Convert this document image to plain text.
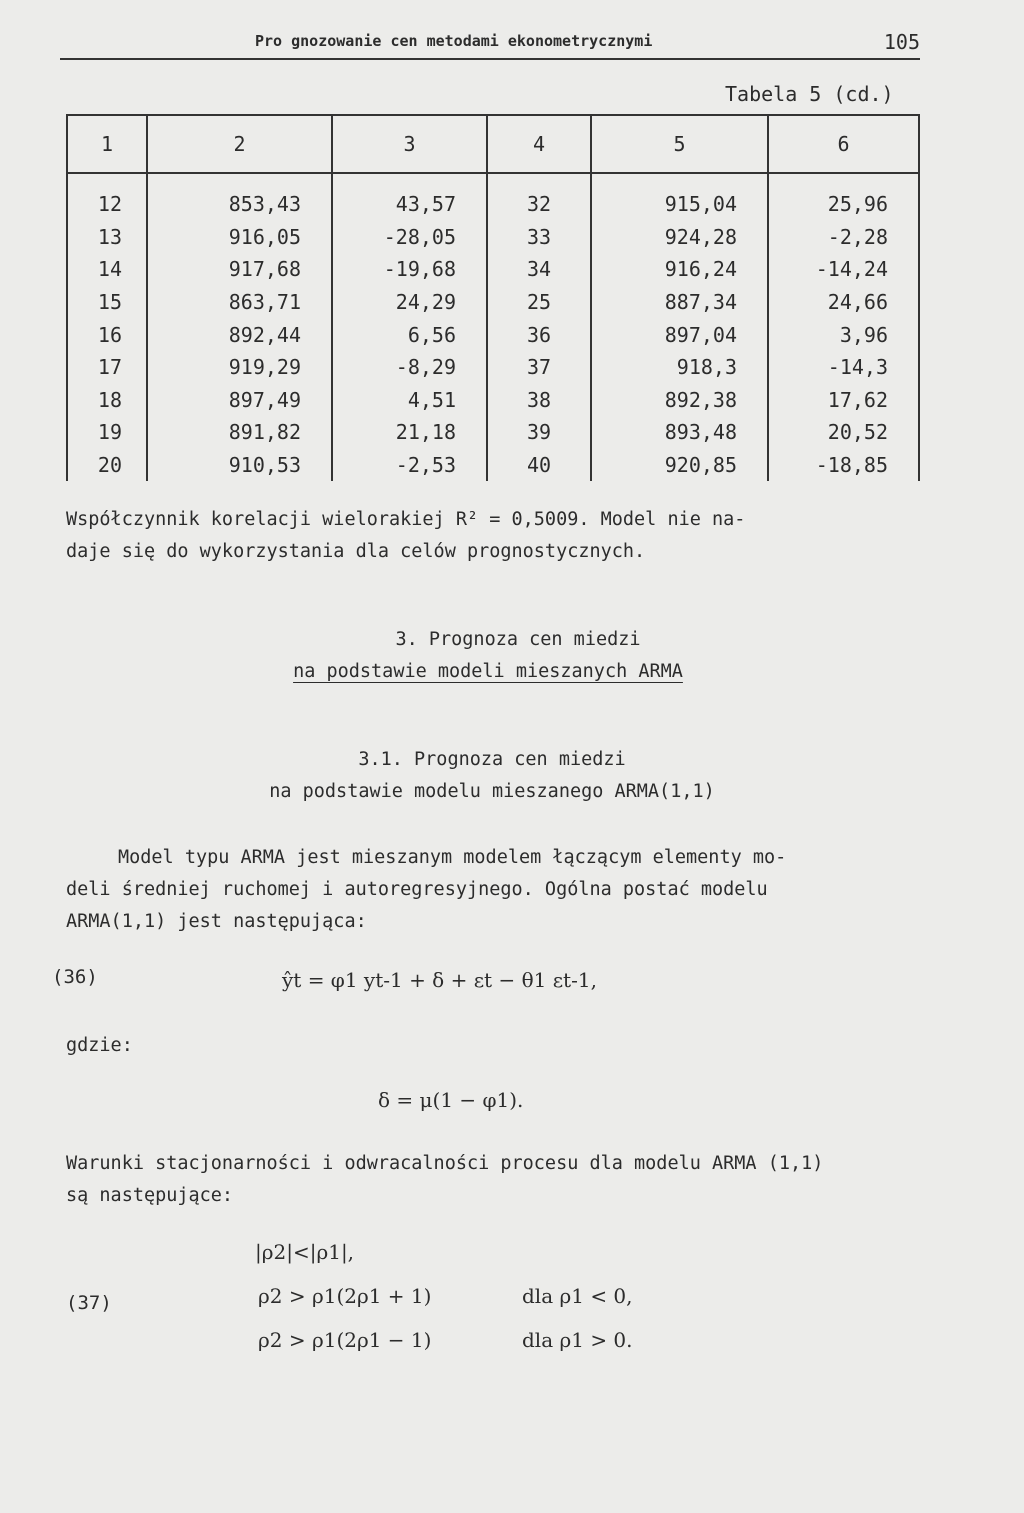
Pro gnozowanie cen metodami ekonometrycznymi	105
Tabela 5 (cd.)
1	2	3	4	5	6

12	853,43	43,57	32	915,04	25,96
13	916,05	-28,05	33	924,28	-2,28
14	917,68	-19,68	34	916,24	-14,24
15	863,71	24,29	25	887,34	24,66
16	892,44	6,56	36	897,04	3,96
17	919,29	-8,29	37	918,3	-14,3
18	897,49	4,51	38	892,38	17,62
19	891,82	21,18	39	893,48	20,52
20	910,53	-2,53	40	920,85	-18,85
Współczynnik korelacji wielorakiej R² = 0,5009. Model nie na-
daje się do wykorzystania dla celów prognostycznych.
3. Prognoza cen miedzi
na podstawie modeli mieszanych ARMA
3.1. Prognoza cen miedzi
na podstawie modelu mieszanego ARMA(1,1)
Model typu ARMA jest mieszanym modelem łączącym elementy mo-
deli średniej ruchomej i autoregresyjnego. Ogólna postać modelu
ARMA(1,1) jest następująca:
(36)	ŷt = φ1 yt-1 + δ + εt − θ1 εt-1,
gdzie:
δ = μ(1 − φ1).
Warunki stacjonarności i odwracalności procesu dla modelu ARMA (1,1)
są następujące:
|ρ2|<|ρ1|,
(37)	ρ2 > ρ1(2ρ1 + 1)	dla ρ1 < 0,
ρ2 > ρ1(2ρ1 − 1)	dla ρ1 > 0.
